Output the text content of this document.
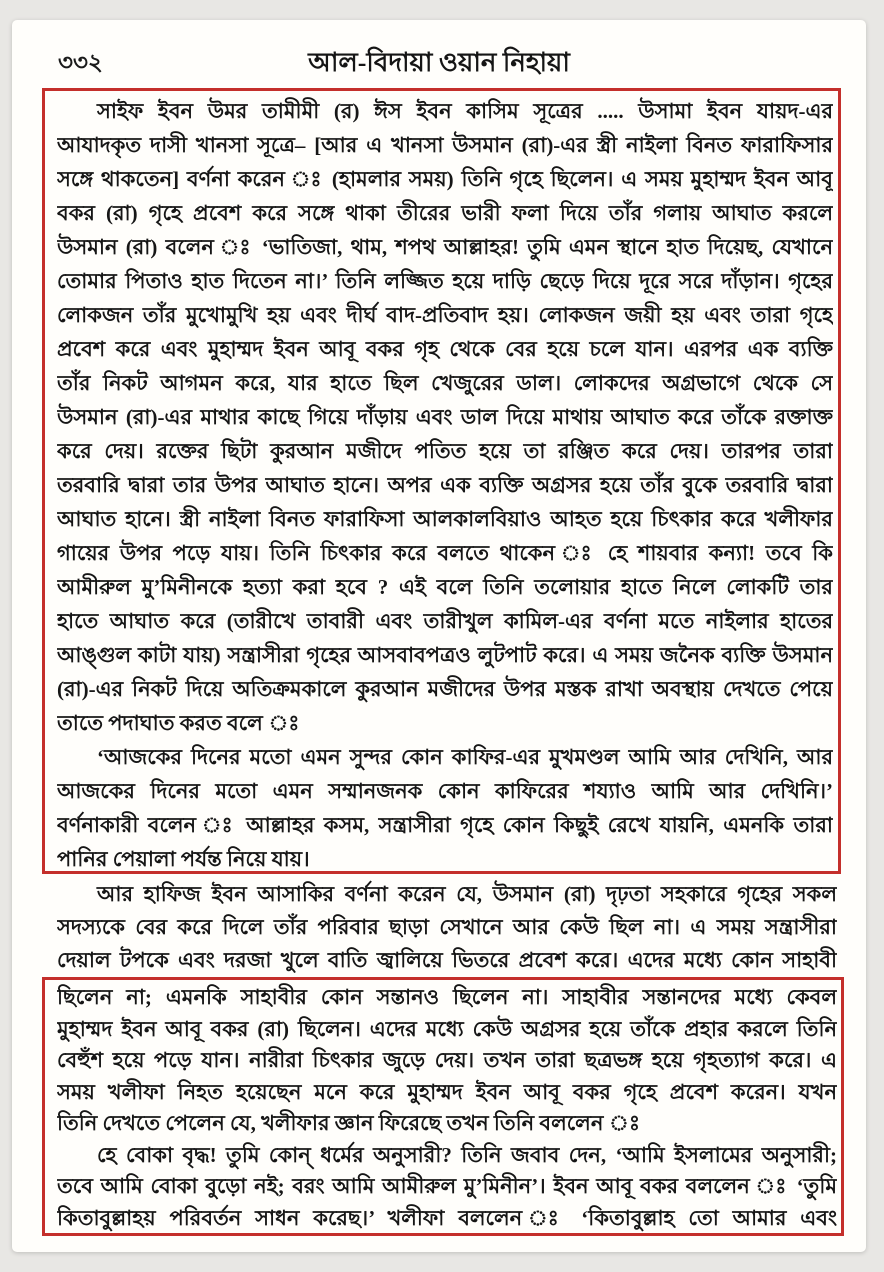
৩৩২	আল-বিদায়া ওয়ান নিহায়া
সাইফ ইবন উমর তামীমী (র) ঈস ইবন কাসিম সূত্রের ..... উসামা ইবন যায়দ-এর
আযাদকৃত দাসী খানসা সূত্রে– [আর এ খানসা উসমান (রা)-এর স্ত্রী নাইলা বিনত ফারাফিসার
সঙ্গে থাকতেন] বর্ণনা করেন ঃ (হামলার সময়) তিনি গৃহে ছিলেন। এ সময় মুহাম্মদ ইবন আবূ
বকর (রা) গৃহে প্রবেশ করে সঙ্গে থাকা তীরের ভারী ফলা দিয়ে তাঁর গলায় আঘাত করলে
উসমান (রা) বলেন ঃ ‘ভাতিজা, থাম, শপথ আল্লাহর! তুমি এমন স্থানে হাত দিয়েছ, যেখানে
তোমার পিতাও হাত দিতেন না।’ তিনি লজ্জিত হয়ে দাড়ি ছেড়ে দিয়ে দূরে সরে দাঁড়ান। গৃহের
লোকজন তাঁর মুখোমুখি হয় এবং দীর্ঘ বাদ-প্রতিবাদ হয়। লোকজন জয়ী হয় এবং তারা গৃহে
প্রবেশ করে এবং মুহাম্মদ ইবন আবূ বকর গৃহ থেকে বের হয়ে চলে যান। এরপর এক ব্যক্তি
তাঁর নিকট আগমন করে, যার হাতে ছিল খেজুরের ডাল। লোকদের অগ্রভাগে থেকে সে
উসমান (রা)-এর মাথার কাছে গিয়ে দাঁড়ায় এবং ডাল দিয়ে মাথায় আঘাত করে তাঁকে রক্তাক্ত
করে দেয়। রক্তের ছিটা কুরআন মজীদে পতিত হয়ে তা রঞ্জিত করে দেয়। তারপর তারা
তরবারি দ্বারা তার উপর আঘাত হানে। অপর এক ব্যক্তি অগ্রসর হয়ে তাঁর বুকে তরবারি দ্বারা
আঘাত হানে। স্ত্রী নাইলা বিনত ফারাফিসা আলকালবিয়াও আহত হয়ে চিৎকার করে খলীফার
গায়ের উপর পড়ে যায়। তিনি চিৎকার করে বলতে থাকেন ঃ হে শায়বার কন্যা! তবে কি
আমীরুল মু’মিনীনকে হত্যা করা হবে ? এই বলে তিনি তলোয়ার হাতে নিলে লোকটি তার
হাতে আঘাত করে (তারীখে তাবারী এবং তারীখুল কামিল-এর বর্ণনা মতে নাইলার হাতের
আঙ্গুল কাটা যায়) সন্ত্রাসীরা গৃহের আসবাবপত্রও লুটপাট করে। এ সময় জনৈক ব্যক্তি উসমান
(রা)-এর নিকট দিয়ে অতিক্রমকালে কুরআন মজীদের উপর মস্তক রাখা অবস্থায় দেখতে পেয়ে
তাতে পদাঘাত করত বলে ঃ
‘আজকের দিনের মতো এমন সুন্দর কোন কাফির-এর মুখমণ্ডল আমি আর দেখিনি, আর
আজকের দিনের মতো এমন সম্মানজনক কোন কাফিরের শয্যাও আমি আর দেখিনি।’
বর্ণনাকারী বলেন ঃ আল্লাহর কসম, সন্ত্রাসীরা গৃহে কোন কিছুই রেখে যায়নি, এমনকি তারা
পানির পেয়ালা পর্যন্ত নিয়ে যায়।
আর হাফিজ ইবন আসাকির বর্ণনা করেন যে, উসমান (রা) দৃঢ়তা সহকারে গৃহের সকল
সদস্যকে বের করে দিলে তাঁর পরিবার ছাড়া সেখানে আর কেউ ছিল না। এ সময় সন্ত্রাসীরা
দেয়াল টপকে এবং দরজা খুলে বাতি জ্বালিয়ে ভিতরে প্রবেশ করে। এদের মধ্যে কোন সাহাবী
ছিলেন না; এমনকি সাহাবীর কোন সন্তানও ছিলেন না। সাহাবীর সন্তানদের মধ্যে কেবল
মুহাম্মদ ইবন আবূ বকর (রা) ছিলেন। এদের মধ্যে কেউ অগ্রসর হয়ে তাঁকে প্রহার করলে তিনি
বেহুঁশ হয়ে পড়ে যান। নারীরা চিৎকার জুড়ে দেয়। তখন তারা ছত্রভঙ্গ হয়ে গৃহত্যাগ করে। এ
সময় খলীফা নিহত হয়েছেন মনে করে মুহাম্মদ ইবন আবূ বকর গৃহে প্রবেশ করেন। যখন
তিনি দেখতে পেলেন যে, খলীফার জ্ঞান ফিরেছে তখন তিনি বললেন ঃ
হে বোকা বৃদ্ধ! তুমি কোন্ ধর্মের অনুসারী? তিনি জবাব দেন, ‘আমি ইসলামের অনুসারী;
তবে আমি বোকা বুড়ো নই; বরং আমি আমীরুল মু’মিনীন’। ইবন আবূ বকর বললেন ঃ ‘তুমি
কিতাবুল্লাহয় পরিবর্তন সাধন করেছ।’ খলীফা বললেন ঃ ‘কিতাবুল্লাহ তো আমার এবং
